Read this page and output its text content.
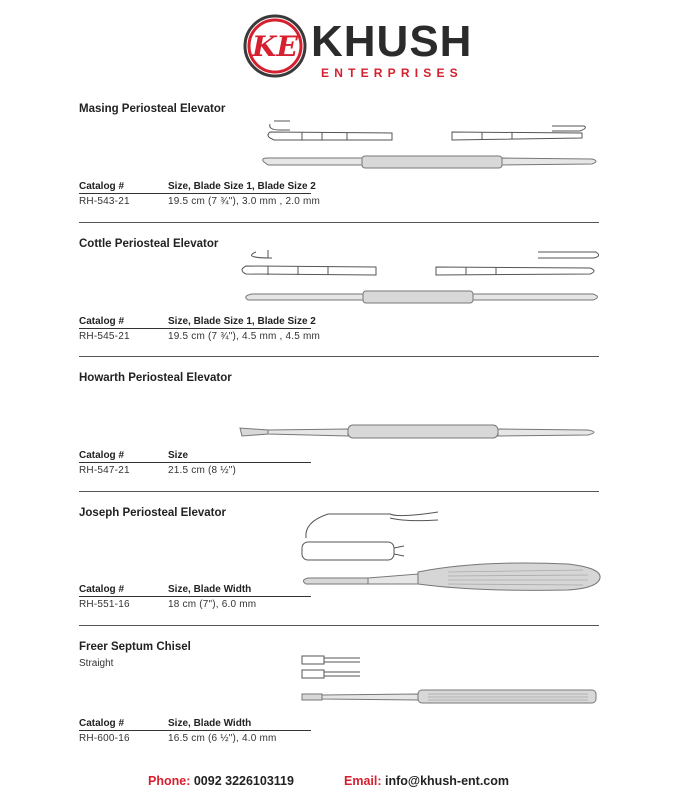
KE KHUSH
ENTERPRISES
Masing Periosteal Elevator
Catalog #	Size, Blade Size 1, Blade Size 2
RH-543-21	19.5 cm (7 ¾"), 3.0 mm , 2.0 mm
Cottle Periosteal Elevator
Catalog #	Size, Blade Size 1, Blade Size 2
RH-545-21	19.5 cm (7 ¾"), 4.5 mm , 4.5 mm
Howarth Periosteal Elevator
Catalog #	Size
RH-547-21	21.5 cm (8 ½")
Joseph Periosteal Elevator
Catalog #	Size, Blade Width
RH-551-16	18 cm (7"), 6.0 mm
Freer Septum Chisel
Straight
Catalog #	Size, Blade Width
RH-600-16	16.5 cm (6 ½"), 4.0 mm
Phone: 0092 3226103119	Email: info@khush-ent.com
